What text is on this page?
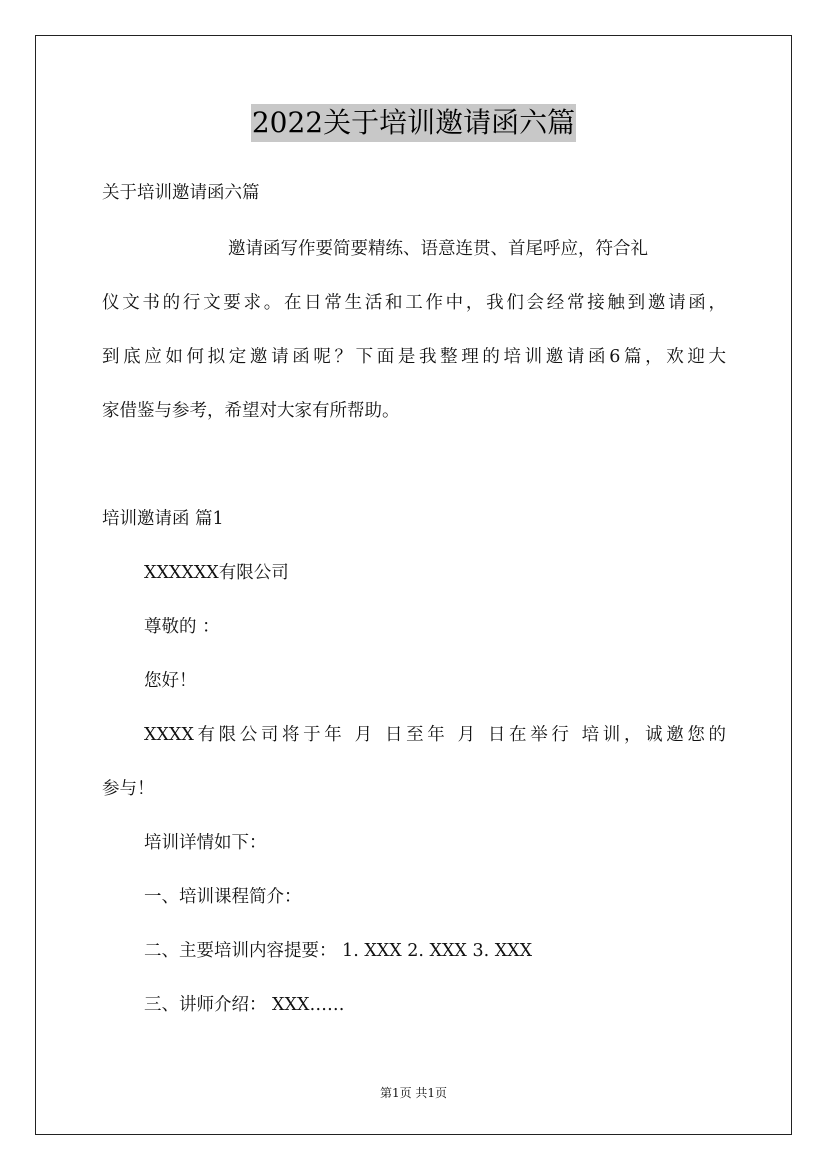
2022关于培训邀请函六篇
关于培训邀请函六篇
邀请函写作要简要精练、语意连贯、首尾呼应，符合礼
仪文书的行文要求。在日常生活和工作中，我们会经常接触到邀请函，
到底应如何拟定邀请函呢？下面是我整理的培训邀请函6篇，欢迎大
家借鉴与参考，希望对大家有所帮助。
培训邀请函 篇1
XXXXXX有限公司
尊敬的 ：
您好！
XXXX有限公司将于年 月 日至年 月 日在举行 培训，诚邀您的
参与！
培训详情如下：
一、培训课程简介：
二、主要培训内容提要： 1. XXX 2. XXX 3. XXX
三、讲师介绍： XXX……
第1页 共1页
